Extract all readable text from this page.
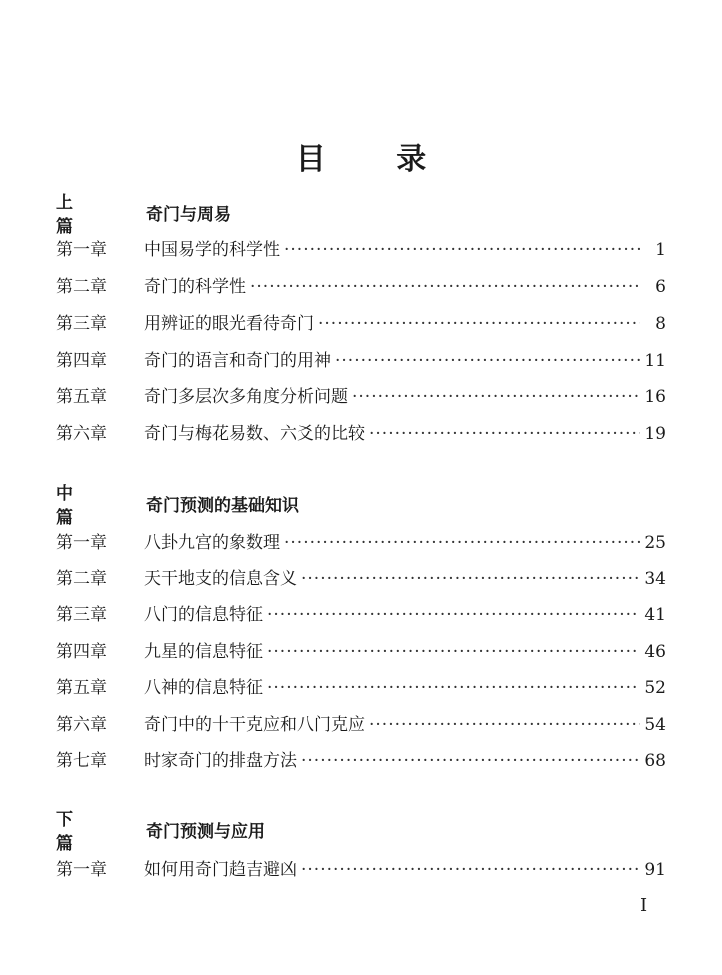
目 录
上 篇
奇门与周易
第一章	中国易学的科学性 ·····	1
第二章	奇门的科学性 ·····	6
第三章	用辨证的眼光看待奇门 ·····	8
第四章	奇门的语言和奇门的用神 ·····	11
第五章	奇门多层次多角度分析问题 ·····	16
第六章	奇门与梅花易数、六爻的比较 ·····	19
中 篇
奇门预测的基础知识
第一章	八卦九宫的象数理 ·····	25
第二章	天干地支的信息含义 ·····	34
第三章	八门的信息特征 ·····	41
第四章	九星的信息特征 ·····	46
第五章	八神的信息特征 ·····	52
第六章	奇门中的十干克应和八门克应 ·····	54
第七章	时家奇门的排盘方法 ·····	68
下 篇
奇门预测与应用
第一章	如何用奇门趋吉避凶 ·····	91
I
